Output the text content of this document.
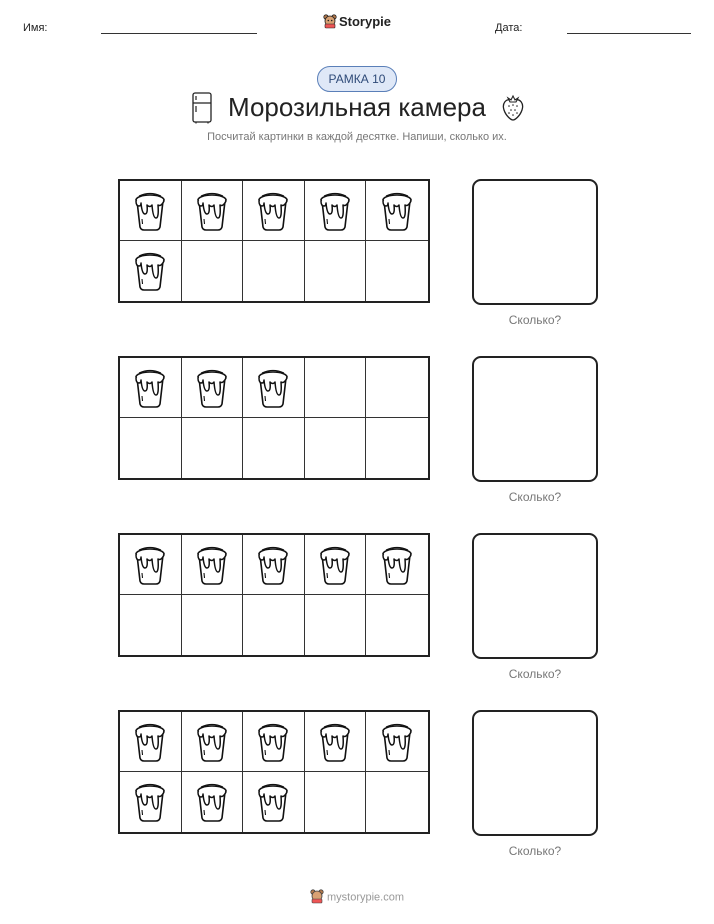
Имя:	Storypie	Дата:
РАМКА 10
Морозильная камера
Посчитай картинки в каждой десятке. Напиши, сколько их.
Сколько?
Сколько?
Сколько?
Сколько?
mystorypie.com
